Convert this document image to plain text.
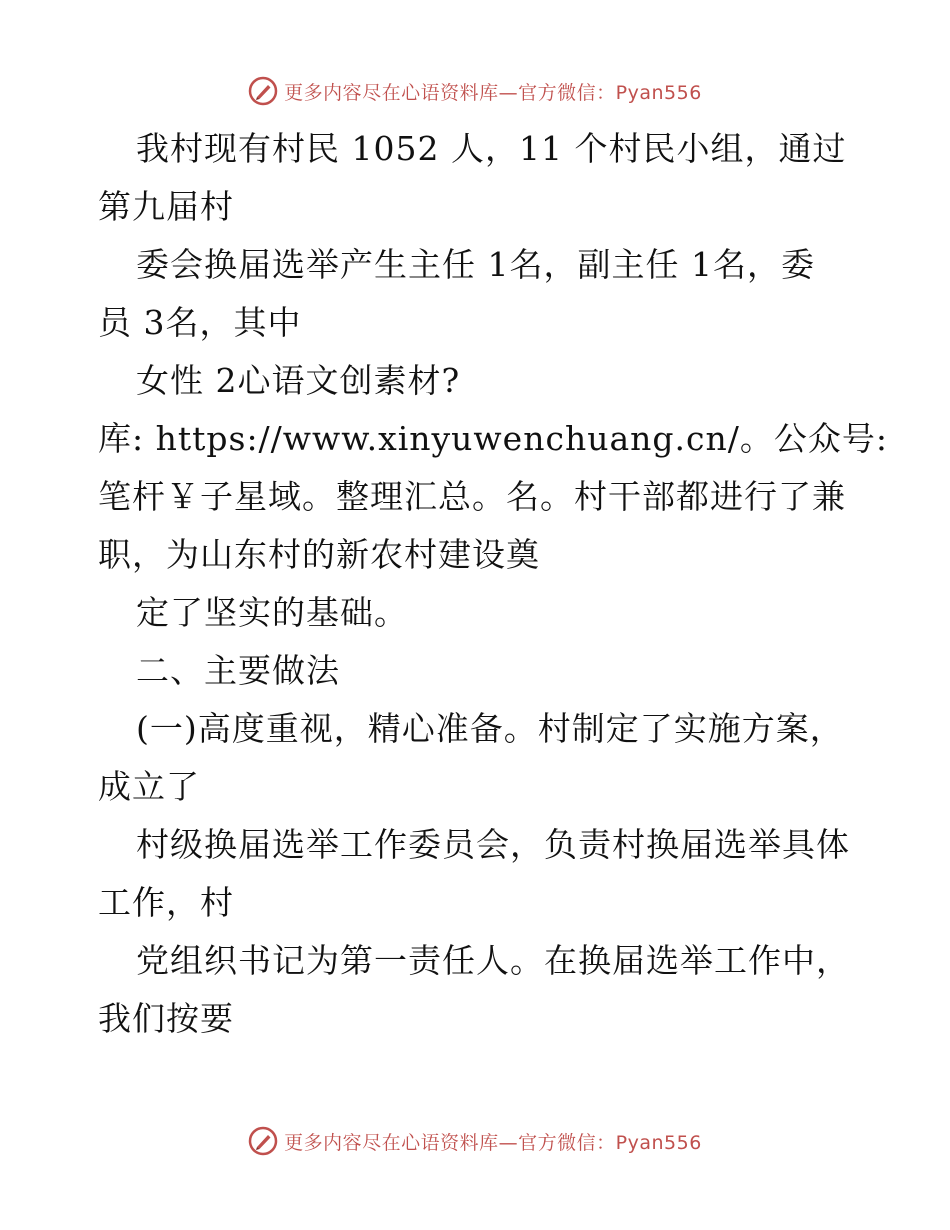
更多内容尽在心语资料库—官方微信：Pyan556
我村现有村民 1052 人，11 个村民小组，通过
第九届村
委会换届选举产生主任 1名，副主任 1名，委
员 3名，其中
女性 2心语文创素材?
库: https://www.xinyuwenchuang.cn/。公众号:
笔杆￥子星域。整理汇总。名。村干部都进行了兼
职，为山东村的新农村建设奠
定了坚实的基础。
二、主要做法
(一)高度重视，精心准备。村制定了实施方案，
成立了
村级换届选举工作委员会，负责村换届选举具体
工作，村
党组织书记为第一责任人。在换届选举工作中，
我们按要
更多内容尽在心语资料库—官方微信：Pyan556
